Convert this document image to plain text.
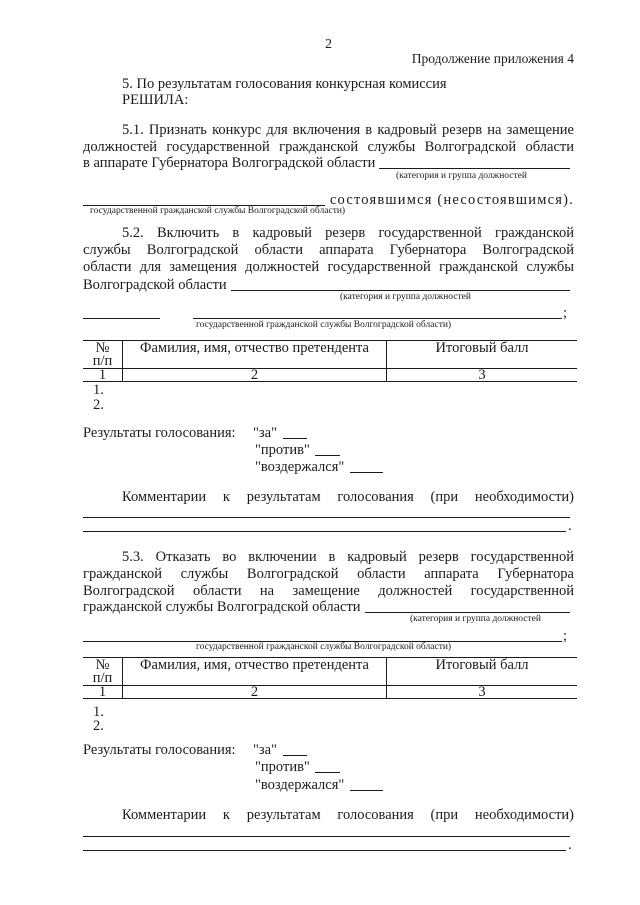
2
Продолжение приложения 4
5. По результатам голосования конкурсная комиссия
РЕШИЛА:
5.1. Признать конкурс для включения в кадровый резерв на замещение
должностей государственной гражданской службы Волгоградской области
в аппарате Губернатора Волгоградской области
(категория и группа должностей
состоявшимся (несостоявшимся).
государственной гражданской службы Волгоградской области)
5.2. Включить в кадровый резерв государственной гражданской
службы Волгоградской области аппарата Губернатора Волгоградской
области для замещения должностей государственной гражданской службы
Волгоградской области
(категория и группа должностей
;
государственной гражданской службы Волгоградской области)
№
п/п	Фамилия, имя, отчество претендента	Итоговый балл
1	2	3
1.
2.
Результаты голосования:	"за"
"против"
"воздержался"
Комментарии к результатам голосования (при необходимости)
.
5.3. Отказать во включении в кадровый резерв государственной
гражданской службы Волгоградской области аппарата Губернатора
Волгоградской области на замещение должностей государственной
гражданской службы Волгоградской области
(категория и группа должностей
;
государственной гражданской службы Волгоградской области)
№
п/п	Фамилия, имя, отчество претендента	Итоговый балл
1	2	3
1.
2.
Результаты голосования:	"за"
"против"
"воздержался"
Комментарии к результатам голосования (при необходимости)
.
